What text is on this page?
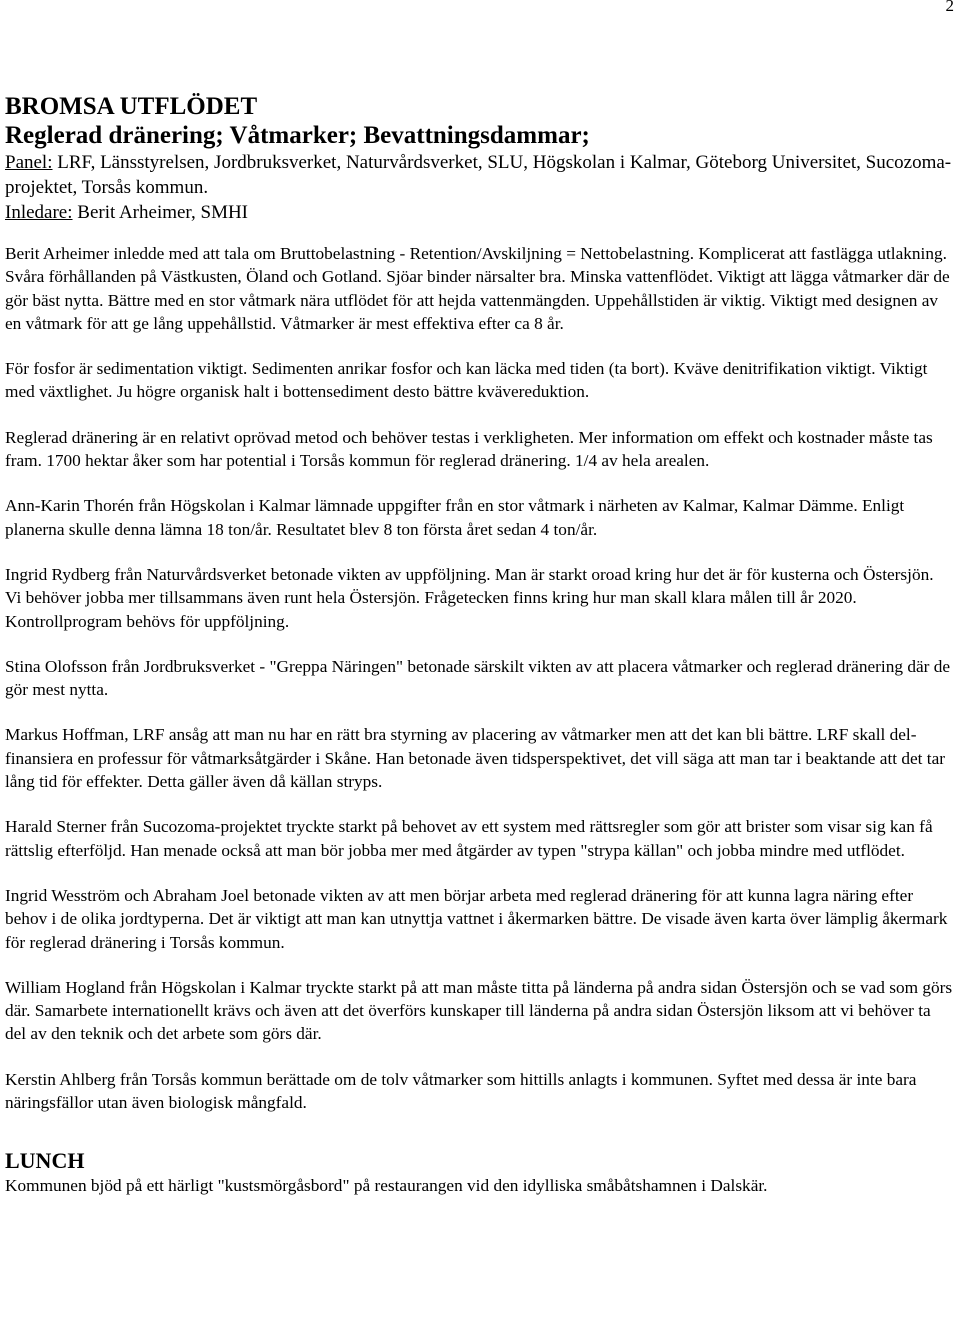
2
BROMSA UTFLÖDET
Reglerad dränering; Våtmarker; Bevattningsdammar;

Panel: LRF, Länsstyrelsen, Jordbruksverket, Naturvårdsverket, SLU, Högskolan i Kalmar, Göteborg Universitet, Sucozoma-projektet, Torsås kommun.

Inledare: Berit Arheimer, SMHI

Berit Arheimer inledde med att tala om Bruttobelastning - Retention/Avskiljning = Nettobelastning. Komplicerat att fastlägga utlakning. Svåra förhållanden på Västkusten, Öland och Gotland. Sjöar binder närsalter bra. Minska vattenflödet. Viktigt att lägga våtmarker där de gör bäst nytta. Bättre med en stor våtmark nära utflödet för att hejda vattenmängden. Uppehållstiden är viktig. Viktigt med designen av en våtmark för att ge lång uppehållstid. Våtmarker är mest effektiva efter ca 8 år.

För fosfor är sedimentation viktigt. Sedimenten anrikar fosfor och kan läcka med tiden (ta bort). Kväve denitrifikation viktigt. Viktigt med växtlighet. Ju högre organisk halt i bottensediment desto bättre kvävereduktion.

Reglerad dränering är en relativt oprövad metod och behöver testas i verkligheten. Mer information om effekt och kostnader måste tas fram. 1700 hektar åker som har potential i Torsås kommun för reglerad dränering. 1/4 av hela arealen.

Ann-Karin Thorén från Högskolan i Kalmar lämnade uppgifter från en stor våtmark i närheten av Kalmar, Kalmar Dämme. Enligt planerna skulle denna lämna 18 ton/år. Resultatet blev 8 ton första året sedan 4 ton/år.

Ingrid Rydberg från Naturvårdsverket betonade vikten av uppföljning. Man är starkt oroad kring hur det är för kusterna och Östersjön. Vi behöver jobba mer tillsammans även runt hela Östersjön. Frågetecken finns kring hur man skall klara målen till år 2020. Kontrollprogram behövs för uppföljning.

Stina Olofsson från Jordbruksverket - "Greppa Näringen" betonade särskilt vikten av att placera våtmarker och reglerad dränering där de gör mest nytta.

Markus Hoffman, LRF ansåg att man nu har en rätt bra styrning av placering av våtmarker men att det kan bli bättre. LRF skall del-finansiera en professur för våtmarksåtgärder i Skåne. Han betonade även tidsperspektivet, det vill säga att man tar i beaktande att det tar lång tid för effekter. Detta gäller även då källan stryps.

Harald Sterner från Sucozoma-projektet tryckte starkt på behovet av ett system med rättsregler som gör att brister som visar sig kan få rättslig efterföljd. Han menade också att man bör jobba mer med åtgärder av typen "strypa källan" och jobba mindre med utflödet.

Ingrid Wesström och Abraham Joel betonade vikten av att men börjar arbeta med reglerad dränering för att kunna lagra näring efter behov i de olika jordtyperna. Det är viktigt att man kan utnyttja vattnet i åkermarken bättre. De visade även karta över lämplig åkermark för reglerad dränering i Torsås kommun.

William Hogland från Högskolan i Kalmar tryckte starkt på att man måste titta på länderna på andra sidan Östersjön och se vad som görs där. Samarbete internationellt krävs och även att det överförs kunskaper till länderna på andra sidan Östersjön liksom att vi behöver ta del av den teknik och det arbete som görs där.

Kerstin Ahlberg från Torsås kommun berättade om de tolv våtmarker som hittills anlagts i kommunen. Syftet med dessa är inte bara näringsfällor utan även biologisk mångfald.

LUNCH

Kommunen bjöd på ett härligt "kustsmörgåsbord" på restaurangen vid den idylliska småbåtshamnen i Dalskär.
